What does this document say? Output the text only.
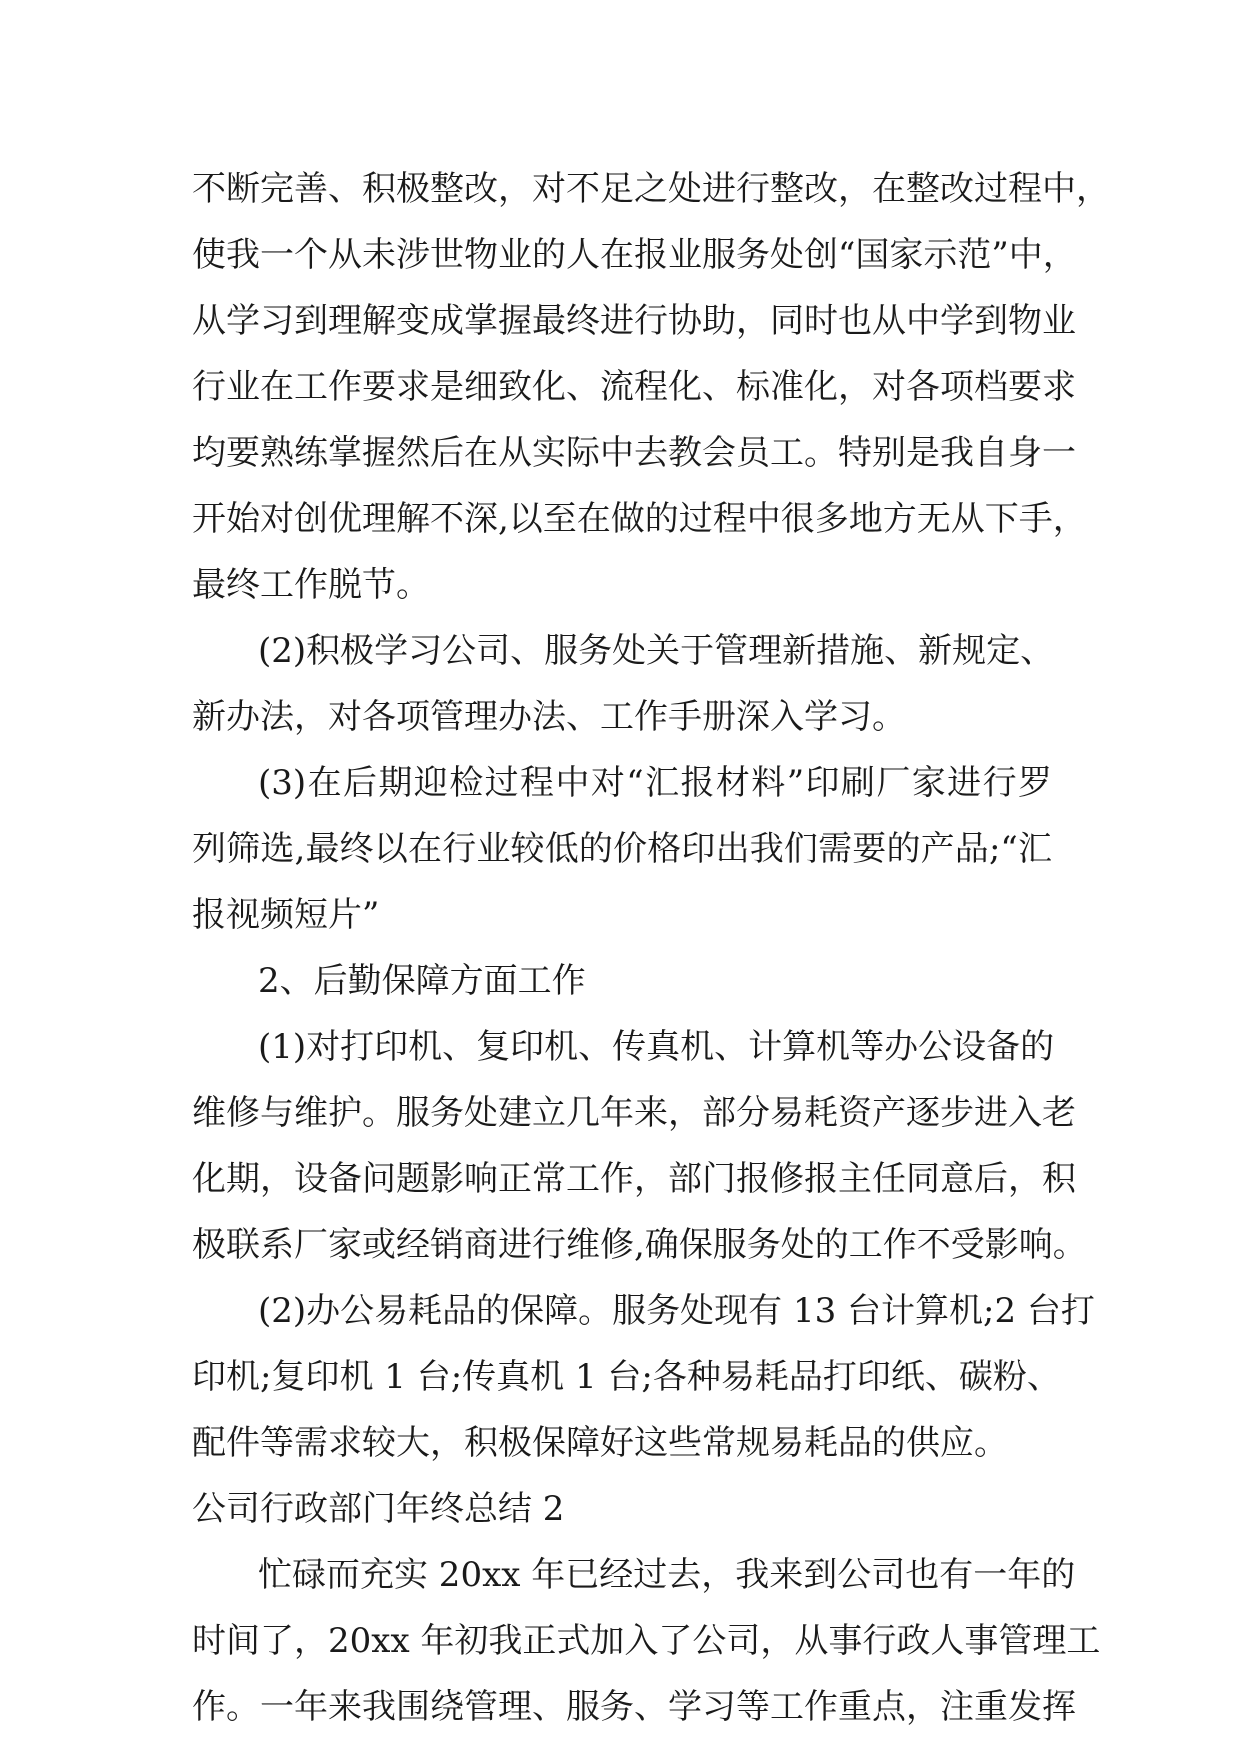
不断完善、积极整改，对不足之处进行整改，在整改过程中，
使我一个从未涉世物业的人在报业服务处创“国家示范”中，
从学习到理解变成掌握最终进行协助，同时也从中学到物业
行业在工作要求是细致化、流程化、标准化，对各项档要求
均要熟练掌握然后在从实际中去教会员工。特别是我自身一
开始对创优理解不深,以至在做的过程中很多地方无从下手，
最终工作脱节。
(2)积极学习公司、服务处关于管理新措施、新规定、
新办法，对各项管理办法、工作手册深入学习。
(3)在后期迎检过程中对“汇报材料”印刷厂家进行罗
列筛选,最终以在行业较低的价格印出我们需要的产品;“汇
报视频短片”
2、后勤保障方面工作
(1)对打印机、复印机、传真机、计算机等办公设备的
维修与维护。服务处建立几年来，部分易耗资产逐步进入老
化期，设备问题影响正常工作，部门报修报主任同意后，积
极联系厂家或经销商进行维修,确保服务处的工作不受影响。
(2)办公易耗品的保障。服务处现有 13 台计算机;2 台打
印机;复印机 1 台;传真机 1 台;各种易耗品打印纸、碳粉、
配件等需求较大，积极保障好这些常规易耗品的供应。
公司行政部门年终总结 2
忙碌而充实 20xx 年已经过去，我来到公司也有一年的
时间了，20xx 年初我正式加入了公司，从事行政人事管理工
作。一年来我围绕管理、服务、学习等工作重点，注重发挥
